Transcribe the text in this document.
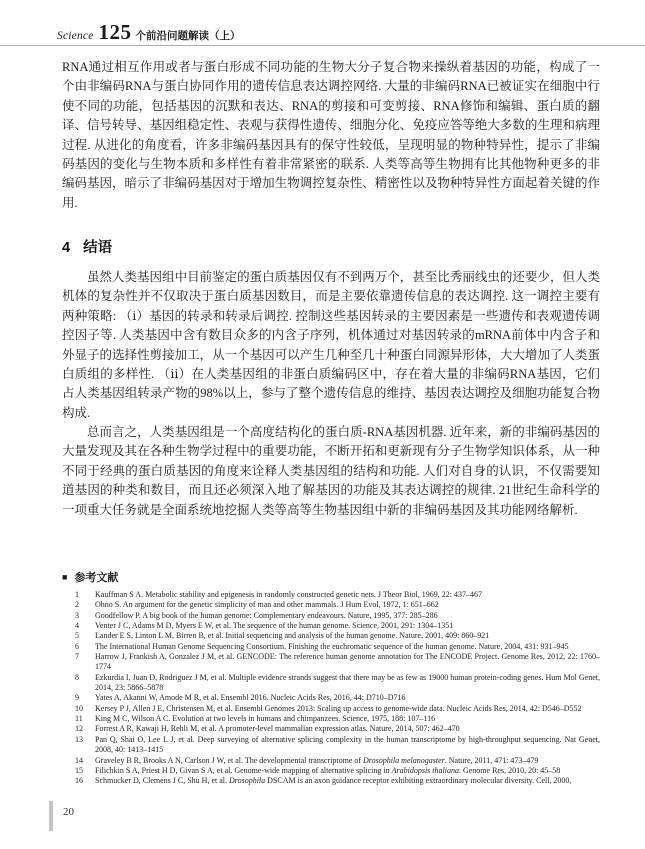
Science 125 个前沿问题解读（上）

RNA通过相互作用或者与蛋白形成不同功能的生物大分子复合物来操纵着基因的功能，构成了一个由非编码RNA与蛋白协同作用的遗传信息表达调控网络. 大量的非编码RNA已被证实在细胞中行使不同的功能，包括基因的沉默和表达、RNA的剪接和可变剪接、RNA修饰和编辑、蛋白质的翻译、信号转导、基因组稳定性、表观与获得性遗传、细胞分化、免疫应答等绝大多数的生理和病理过程. 从进化的角度看，许多非编码基因具有的保守性较低，呈现明显的物种特异性，提示了非编码基因的变化与生物本质和多样性有着非常紧密的联系. 人类等高等生物拥有比其他物种更多的非编码基因，暗示了非编码基因对于增加生物调控复杂性、精密性以及物种特异性方面起着关键的作用.

4 结语

虽然人类基因组中目前鉴定的蛋白质基因仅有不到两万个，甚至比秀丽线虫的还要少，但人类机体的复杂性并不仅取决于蛋白质基因数目，而是主要依靠遗传信息的表达调控. 这一调控主要有两种策略: （ⅰ）基因的转录和转录后调控. 控制这些基因转录的主要因素是一些遗传和表观遗传调控因子等. 人类基因中含有数目众多的内含子序列，机体通过对基因转录的mRNA前体中内含子和外显子的选择性剪接加工，从一个基因可以产生几种至几十种蛋白同源异形体，大大增加了人类蛋白质组的多样性. （ⅱ）在人类基因组的非蛋白质编码区中，存在着大量的非编码RNA基因，它们占人类基因组转录产物的98%以上，参与了整个遗传信息的维持、基因表达调控及细胞功能复合物构成.

总而言之，人类基因组是一个高度结构化的蛋白质-RNA基因机器. 近年来，新的非编码基因的大量发现及其在各种生物学过程中的重要功能，不断开拓和更新现有分子生物学知识体系，从一种不同于经典的蛋白质基因的角度来诠释人类基因组的结构和功能. 人们对自身的认识，不仅需要知道基因的种类和数目，而且还必须深入地了解基因的功能及其表达调控的规律. 21世纪生命科学的一项重大任务就是全面系统地挖掘人类等高等生物基因组中新的非编码基因及其功能网络解析.

■ 参考文献
1	Kauffman S A. Metabolic stability and epigenesis in randomly constructed genetic nets. J Theor Biol, 1969, 22: 437–467
2	Ohno S. An argument for the genetic simplicity of man and other mammals. J Hum Evol, 1972, 1: 651–662
3	Goodfellow P. A big book of the human genome: Complementary endeavours. Nature, 1995, 377: 285–286
4	Venter J C, Adams M D, Myers E W, et al. The sequence of the human genome. Science, 2001, 291: 1304–1351
5	Lander E S, Linton L M, Birren B, et al. Initial sequencing and analysis of the human genome. Nature, 2001, 409: 860–921
6	The International Human Genome Sequencing Consortium. Finishing the euchromatic sequence of the human genome. Nature, 2004, 431: 931–945
7	Harrow J, Frankish A, Gonzalez J M, et al. GENCODE: The reference human genome annotation for The ENCODE Project. Genome Res, 2012, 22: 1760–1774
8	Ezkurdia I, Juan D, Rodriguez J M, et al. Multiple evidence strands suggest that there may be as few as 19000 human protein-coding genes. Hum Mol Genet, 2014, 23: 5866–5878
9	Yates A, Akanni W, Amode M R, et al. Ensembl 2016. Nucleic Acids Res, 2016, 44: D710–D716
10	Kersey P J, Allen J E, Christensen M, et al. Ensembl Genomes 2013: Scaling up access to genome-wide data. Nucleic Acids Res, 2014, 42: D546–D552
11	King M C, Wilson A C. Evolution at two levels in humans and chimpanzees. Science, 1975, 188: 107–116
12	Forrest A R, Kawaji H, Rehli M, et al. A promoter-level mammalian expression atlas. Nature, 2014, 507: 462–470
13	Pan Q, Shai O, Lee L J, et al. Deep surveying of alternative splicing complexity in the human transcriptome by high-throughput sequencing. Nat Genet, 2008, 40: 1413–1415
14	Graveley B R, Brooks A N, Carlson J W, et al. The developmental transcriptome of Drosophila melanogaster. Nature, 2011, 471: 473–479
15	Filichkin S A, Priest H D, Givan S A, et al. Genome-wide mapping of alternative splicing in Arabidopsis thaliana. Genome Res, 2010, 20: 45–58
16	Schmucker D, Clemens J C, Shu H, et al. Drosophila DSCAM is an axon guidance receptor exhibiting extraordinary molecular diversity. Cell, 2000,
20
